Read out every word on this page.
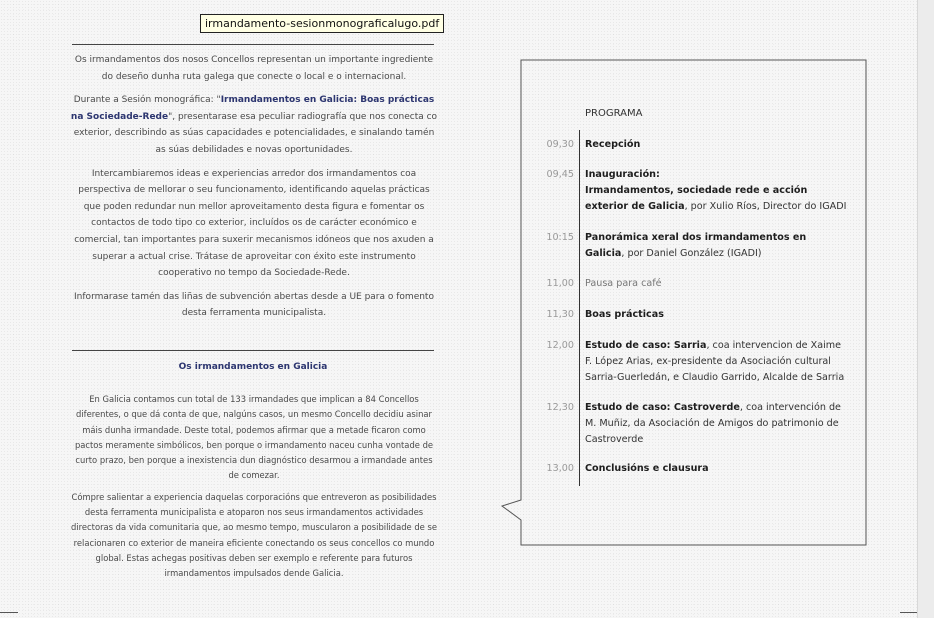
irmandamento-sesionmonograficalugo.pdf

Os irmandamentos dos nosos Concellos representan un importante ingrediente do deseño dunha ruta galega que conecte o local e o internacional.

Durante a Sesión monográfica: "Irmandamentos en Galicia: Boas prácticas na Sociedade-Rede", presentarase esa peculiar radiografía que nos conecta co exterior, describindo as súas capacidades e potencialidades, e sinalando tamén as súas debilidades e novas oportunidades.

Intercambiaremos ideas e experiencias arredor dos irmandamentos coa perspectiva de mellorar o seu funcionamento, identificando aquelas prácticas que poden redundar nun mellor aproveitamento desta figura e fomentar os contactos de todo tipo co exterior, incluídos os de carácter económico e comercial, tan importantes para suxerir mecanismos idóneos que nos axuden a superar a actual crise. Trátase de aproveitar con éxito este instrumento cooperativo no tempo da Sociedade-Rede.

Informarase tamén das liñas de subvención abertas desde a UE para o fomento desta ferramenta municipalista.

Os irmandamentos en Galicia

En Galicia contamos cun total de 133 irmandades que implican a 84 Concellos diferentes, o que dá conta de que, nalgúns casos, un mesmo Concello decidiu asinar máis dunha irmandade. Deste total, podemos afirmar que a metade ficaron como pactos meramente simbólicos, ben porque o irmandamento naceu cunha vontade de curto prazo, ben porque a inexistencia dun diagnóstico desarmou a irmandade antes de comezar.

Cómpre salientar a experiencia daquelas corporacións que entreveron as posibilidades desta ferramenta municipalista e atoparon nos seus irmandamentos actividades directoras da vida comunitaria que, ao mesmo tempo, muscularon a posibilidade de se relacionaren co exterior de maneira eficiente conectando os seus concellos co mundo global. Estas achegas positivas deben ser exemplo e referente para futuros irmandamentos impulsados dende Galicia.

PROGRAMA
09,30 Recepción
09,45 Inauguración:
Irmandamentos, sociedade rede e acción exterior de Galicia, por Xulio Ríos, Director do IGADI
10:15 Panorámica xeral dos irmandamentos en Galicia, por Daniel González (IGADI)
11,00 Pausa para café
11,30 Boas prácticas
12,00 Estudo de caso: Sarria, coa intervencion de Xaime F. López Arias, ex-presidente da Asociación cultural Sarria-Guerledán, e Claudio Garrido, Alcalde de Sarria
12,30 Estudo de caso: Castroverde, coa intervención de M. Muñiz, da Asociación de Amigos do patrimonio de Castroverde
13,00 Conclusións e clausura
